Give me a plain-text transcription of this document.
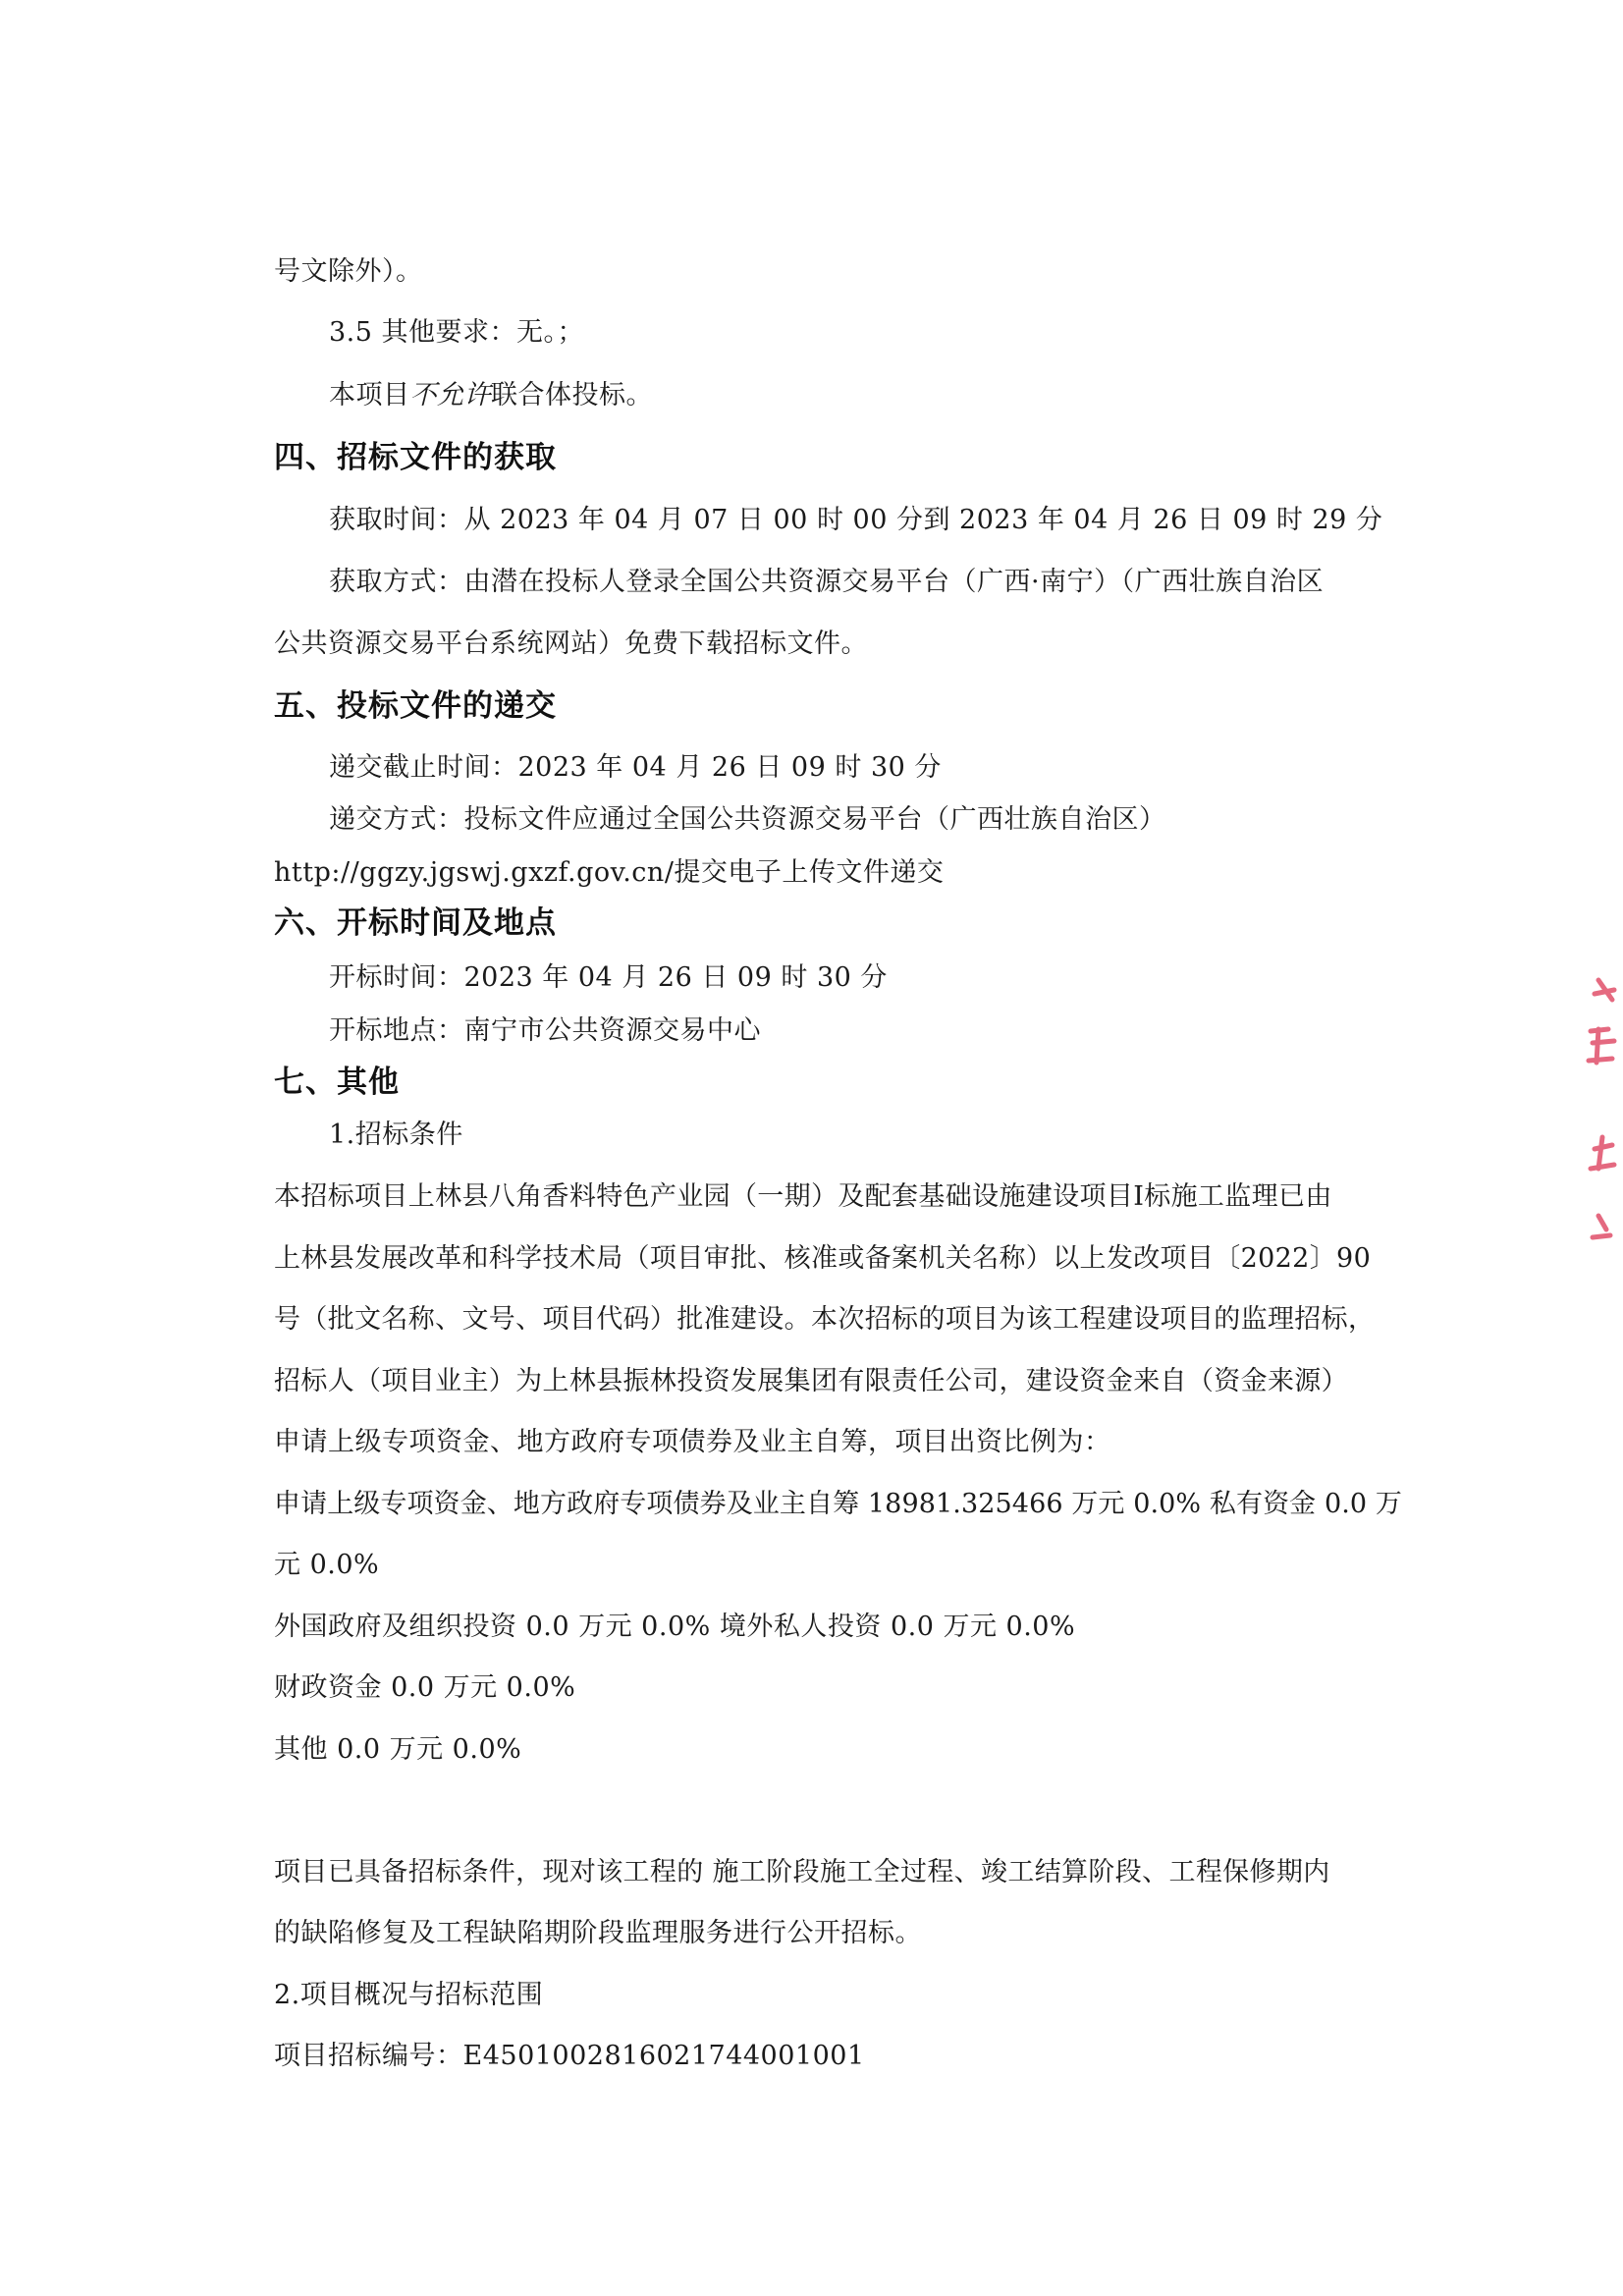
号文除外）。
3.5 其他要求：无。；
本项目不允许联合体投标。
四、招标文件的获取
获取时间：从 2023 年 04 月 07 日 00 时 00 分到 2023 年 04 月 26 日 09 时 29 分
获取方式：由潜在投标人登录全国公共资源交易平台（广西·南宁）（广西壮族自治区
公共资源交易平台系统网站）免费下载招标文件。
五、投标文件的递交
递交截止时间：2023 年 04 月 26 日 09 时 30 分
递交方式：投标文件应通过全国公共资源交易平台（广西壮族自治区）
http://ggzy.jgswj.gxzf.gov.cn/提交电子上传文件递交
六、开标时间及地点
开标时间：2023 年 04 月 26 日 09 时 30 分
开标地点：南宁市公共资源交易中心
七、其他
1.招标条件
本招标项目上林县八角香料特色产业园（一期）及配套基础设施建设项目Ⅰ标施工监理已由
上林县发展改革和科学技术局（项目审批、核准或备案机关名称）以上发改项目〔2022〕90
号（批文名称、文号、项目代码）批准建设。本次招标的项目为该工程建设项目的监理招标，
招标人（项目业主）为上林县振林投资发展集团有限责任公司，建设资金来自（资金来源）
申请上级专项资金、地方政府专项债券及业主自筹，项目出资比例为：
申请上级专项资金、地方政府专项债券及业主自筹 18981.325466 万元 0.0% 私有资金 0.0 万
元 0.0%
外国政府及组织投资 0.0 万元 0.0% 境外私人投资 0.0 万元 0.0%
财政资金 0.0 万元 0.0%
其他 0.0 万元 0.0%
项目已具备招标条件，现对该工程的 施工阶段施工全过程、竣工结算阶段、工程保修期内
的缺陷修复及工程缺陷期阶段监理服务进行公开招标。
2.项目概况与招标范围
项目招标编号：E4501002816021744001001
